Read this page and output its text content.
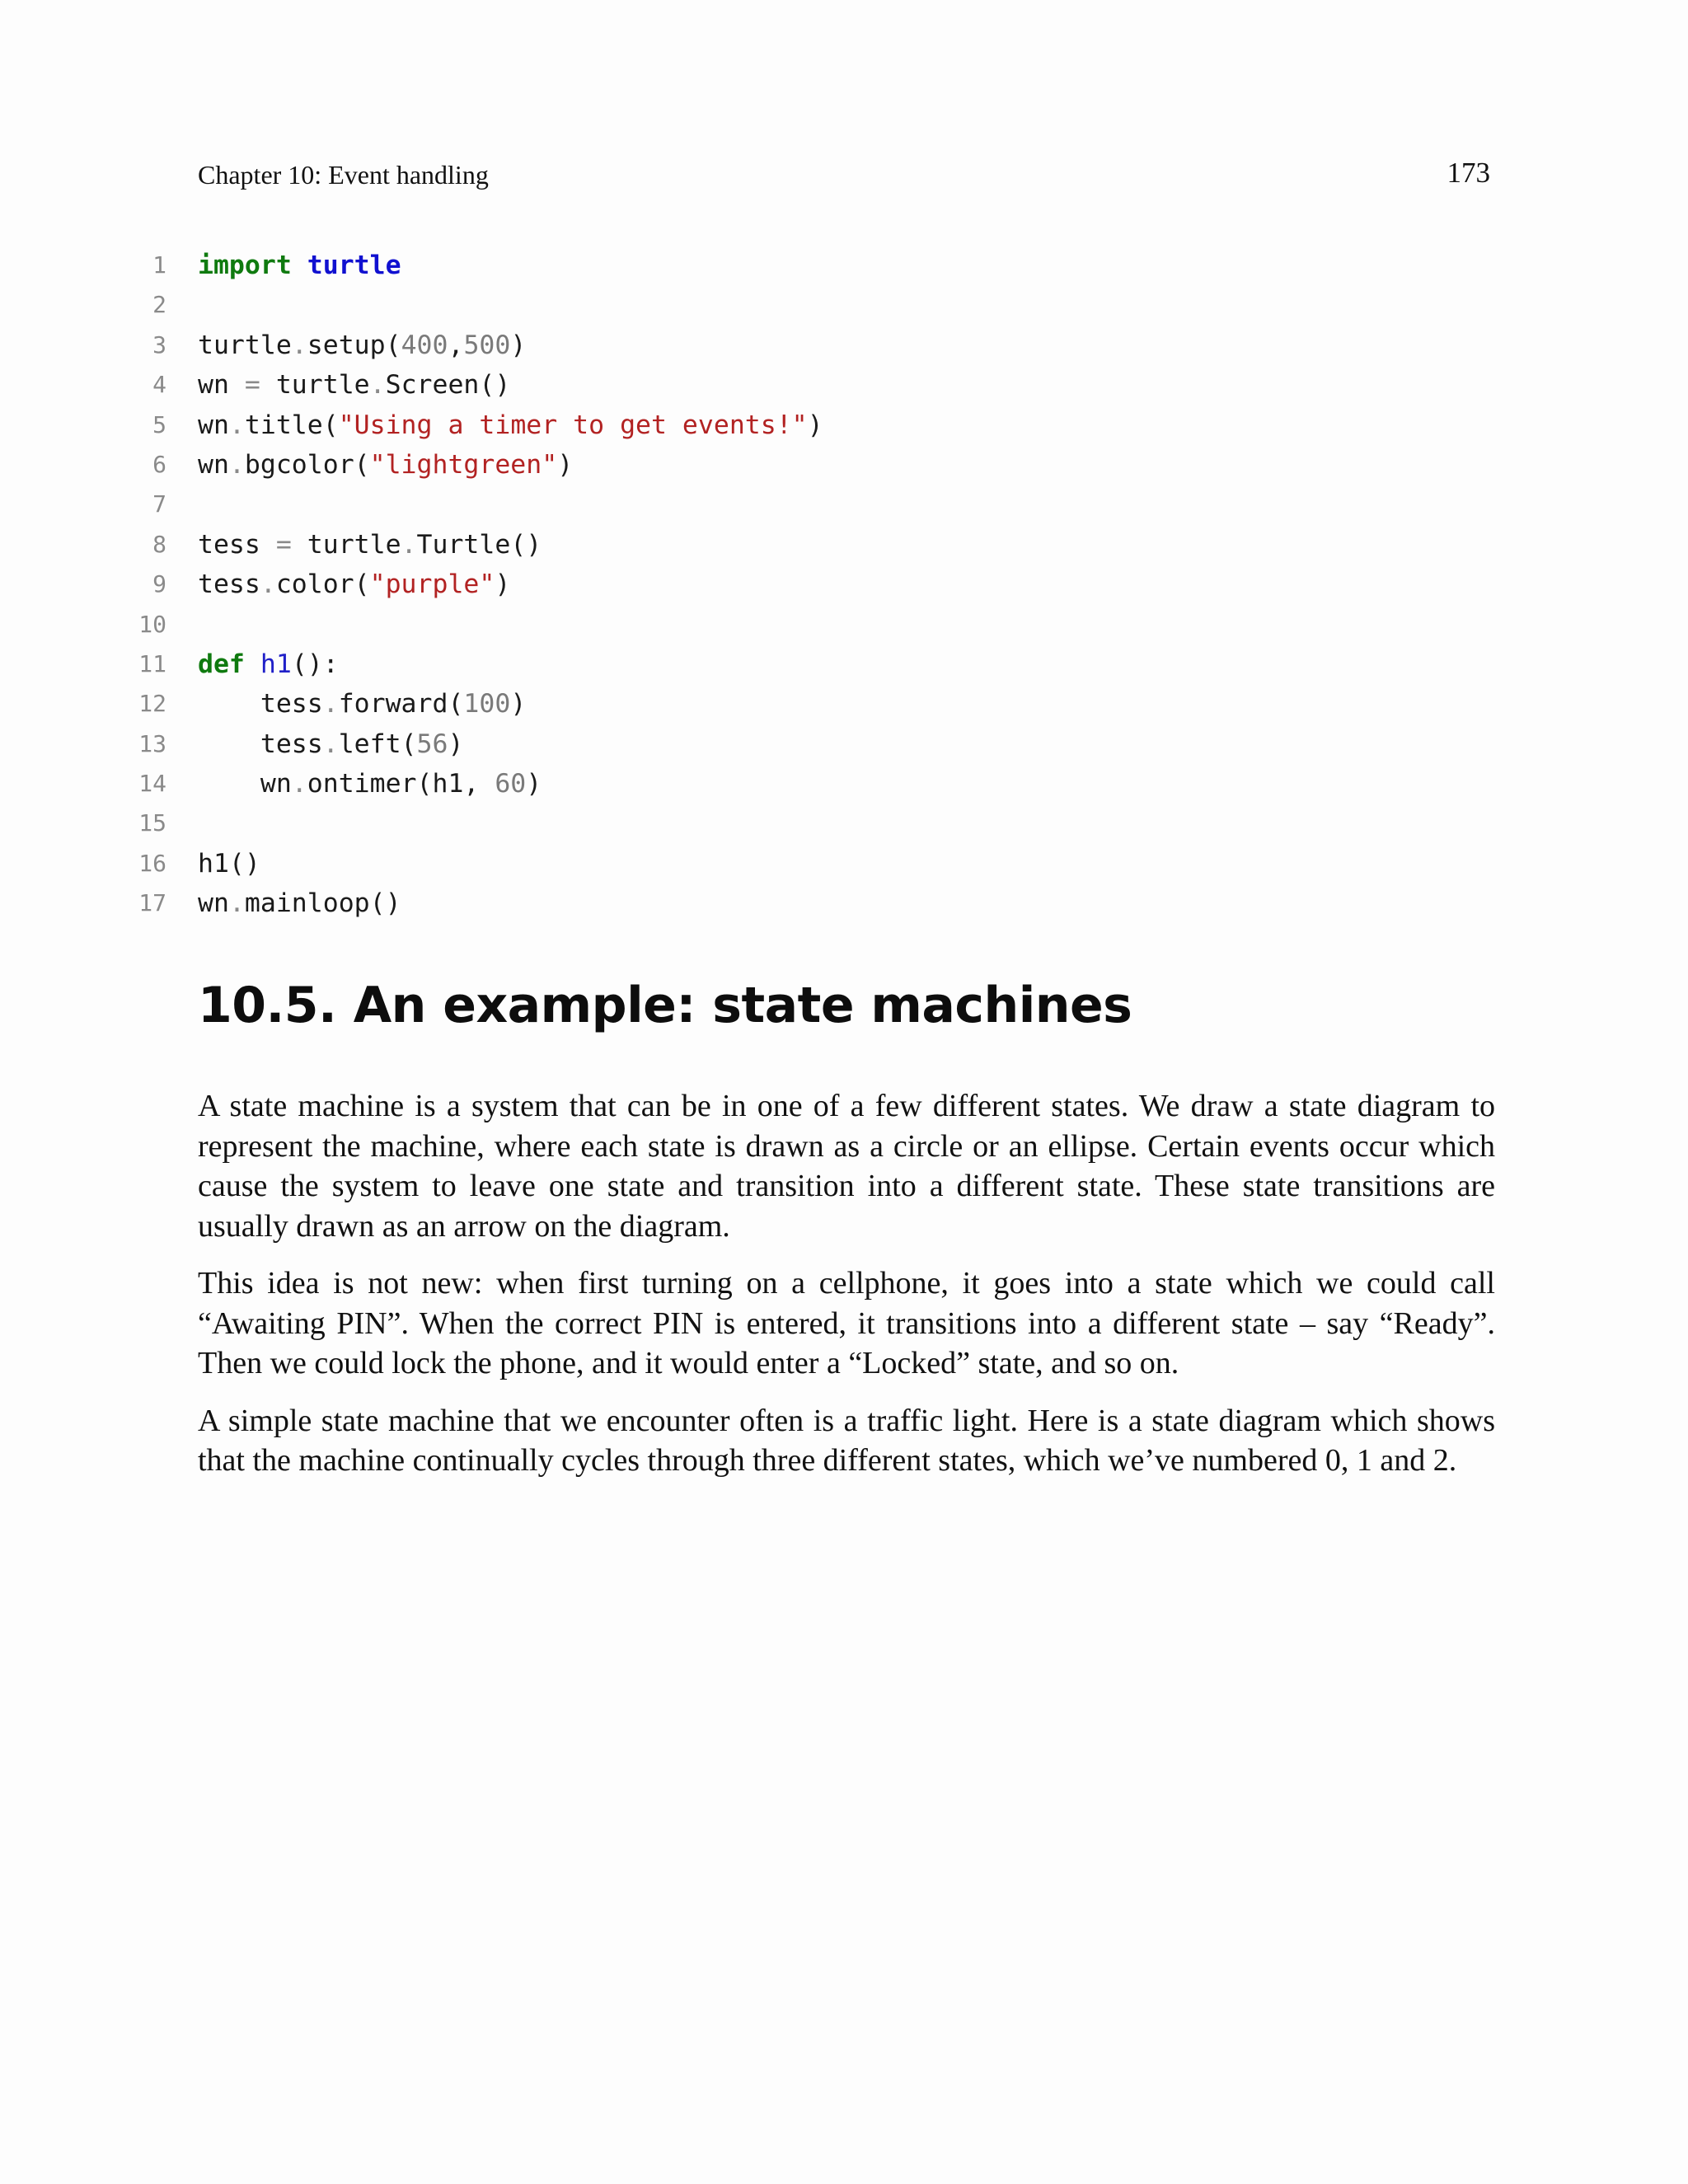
Chapter 10: Event handling	173
1 import turtle
2
3 turtle.setup(400,500)
4 wn = turtle.Screen()
5 wn.title("Using a timer to get events!")
6 wn.bgcolor("lightgreen")
7
8 tess = turtle.Turtle()
9 tess.color("purple")
10
11 def h1():
12 tess.forward(100)
13 tess.left(56)
14 wn.ontimer(h1, 60)
15
16 h1()
17 wn.mainloop()
10.5. An example: state machines

A state machine is a system that can be in one of a few different states. We draw a state diagram to represent the machine, where each state is drawn as a circle or an ellipse. Certain events occur which cause the system to leave one state and transition into a different state. These state transitions are usually drawn as an arrow on the diagram.

This idea is not new: when first turning on a cellphone, it goes into a state which we could call “Awaiting PIN”. When the correct PIN is entered, it transitions into a different state – say “Ready”. Then we could lock the phone, and it would enter a “Locked” state, and so on.

A simple state machine that we encounter often is a traffic light. Here is a state diagram which shows that the machine continually cycles through three different states, which we’ve numbered 0, 1 and 2.
